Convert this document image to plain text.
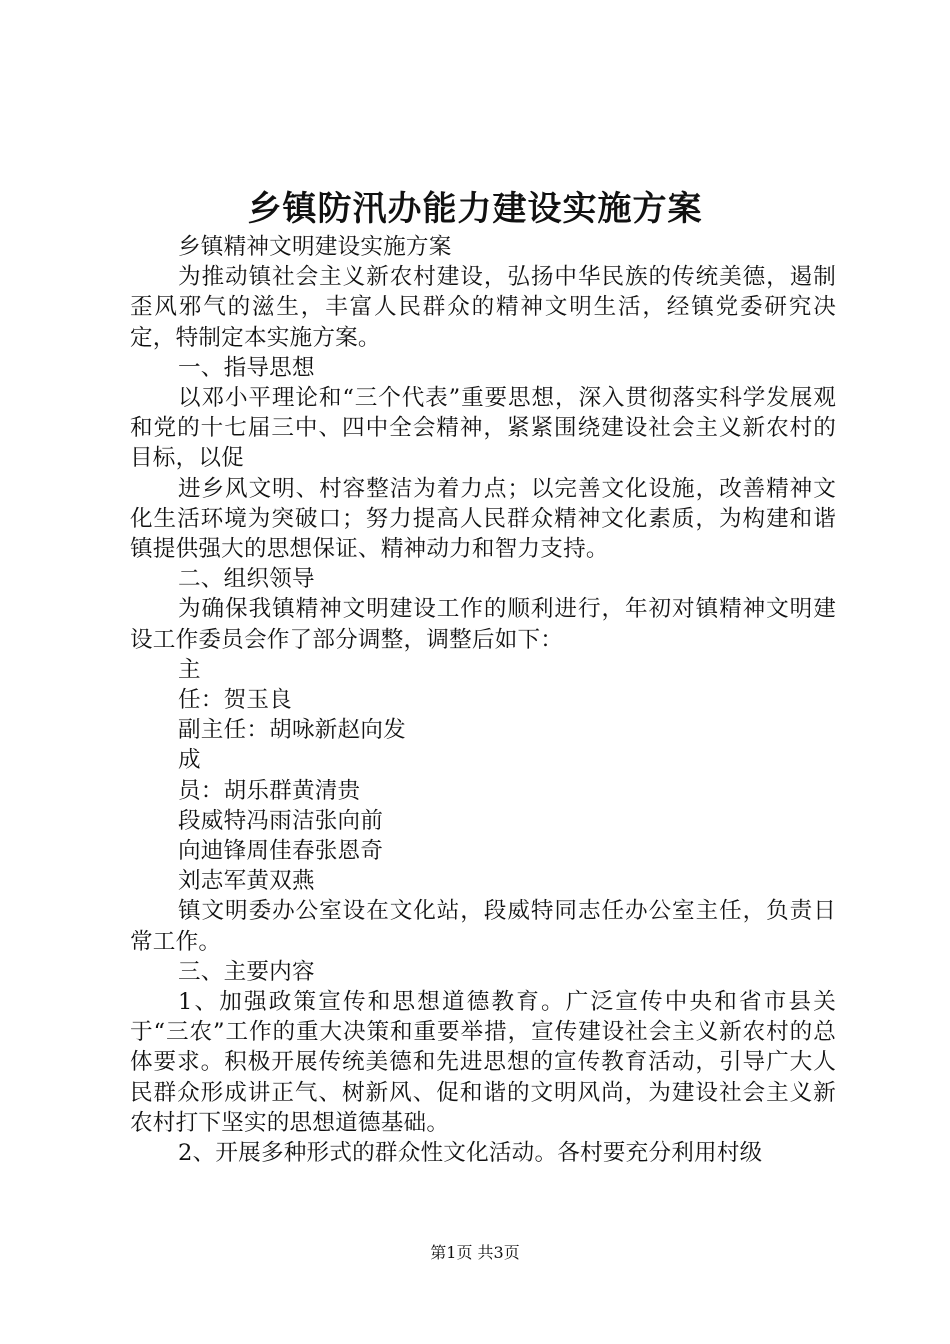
乡镇防汛办能力建设实施方案

乡镇精神文明建设实施方案

为推动镇社会主义新农村建设，弘扬中华民族的传统美德，遏制歪风邪气的滋生，丰富人民群众的精神文明生活，经镇党委研究决定，特制定本实施方案。

一、指导思想

以邓小平理论和“三个代表”重要思想，深入贯彻落实科学发展观和党的十七届三中、四中全会精神，紧紧围绕建设社会主义新农村的目标，以促

进乡风文明、村容整洁为着力点；以完善文化设施，改善精神文化生活环境为突破口；努力提高人民群众精神文化素质，为构建和谐镇提供强大的思想保证、精神动力和智力支持。

二、组织领导

为确保我镇精神文明建设工作的顺利进行，年初对镇精神文明建设工作委员会作了部分调整，调整后如下：

主

任：贺玉良

副主任：胡咏新赵向发

成

员：胡乐群黄清贵

段威特冯雨洁张向前

向迪锋周佳春张恩奇

刘志军黄双燕

镇文明委办公室设在文化站，段威特同志任办公室主任，负责日常工作。

三、主要内容

1、加强政策宣传和思想道德教育。广泛宣传中央和省市县关于“三农”工作的重大决策和重要举措，宣传建设社会主义新农村的总体要求。积极开展传统美德和先进思想的宣传教育活动，引导广大人民群众形成讲正气、树新风、促和谐的文明风尚，为建设社会主义新农村打下坚实的思想道德基础。

2、开展多种形式的群众性文化活动。各村要充分利用村级

第1页 共3页
